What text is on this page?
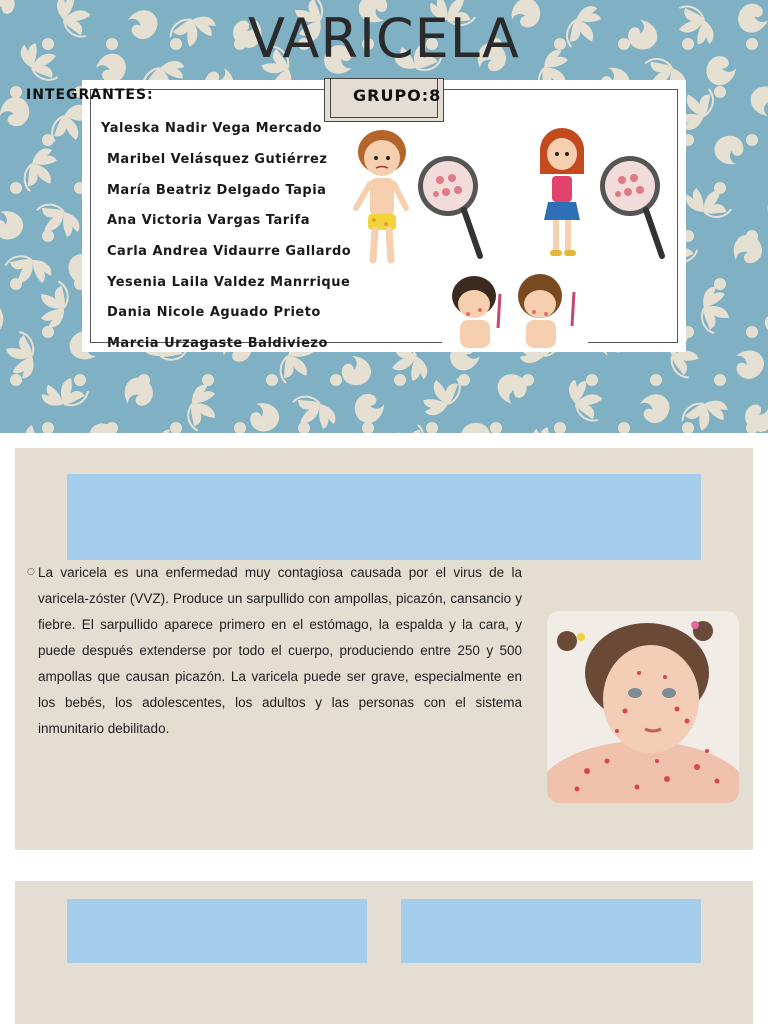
VARICELA
INTEGRANTES:	GRUPO:8
Yaleska Nadir Vega Mercado
Maribel Velásquez Gutiérrez
María Beatriz Delgado Tapia
Ana Victoria Vargas Tarifa
Carla Andrea Vidaurre Gallardo
Yesenia Laila Valdez Manrrique
Dania Nicole Aguado Prieto
Marcia Urzagaste Baldiviezo
○ La varicela es una enfermedad muy contagiosa causada por el virus de la varicela-zóster (VVZ). Produce un sarpullido con ampollas, picazón, cansancio y fiebre. El sarpullido aparece primero en el estómago, la espalda y la cara, y puede después extenderse por todo el cuerpo, produciendo entre 250 y 500 ampollas que causan picazón. La varicela puede ser grave, especialmente en los bebés, los adolescentes, los adultos y las personas con el sistema inmunitario debilitado.
